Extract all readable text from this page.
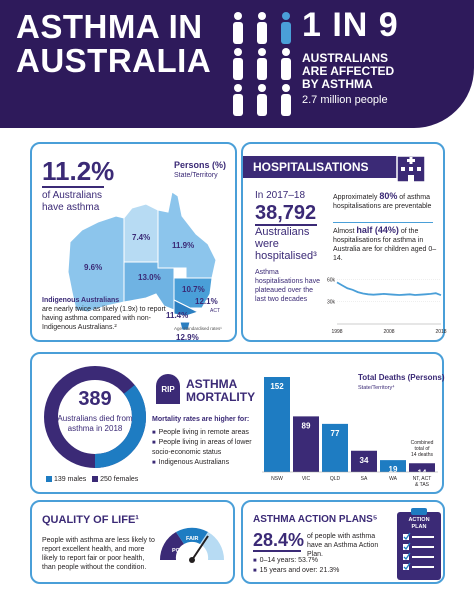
ASTHMA IN
AUSTRALIA
1 IN 9
AUSTRALIANS
ARE AFFECTED
BY ASTHMA
2.7 million people
11.2%
of Australians
have asthma
Persons (%)
State/Territory
9.6%
7.4%
11.9%
13.0%
10.7%
12.1%
ACT
11.4%
12.9%
Indigenous Australians
are nearly twice as likely (1.9x) to report having asthma compared with non-Indigenous Australians.²	Age standardised rates¹
HOSPITALISATIONS
In 2017–18
38,792
Australians
were
hospitalised³
Approximately 80% of asthma hospitalisations are preventable
Almost half (44%) of the hospitalisations for asthma in Australia are for children aged 0–14.
Asthma hospitalisations have plateaued over the last two decades
60k
30k
1998	2008	2018
389
Australians died from asthma in 2018
139 males 250 females
RIP ASTHMA
MORTALITY
Mortality rates are higher for:
■ People living in remote areas
■ People living in areas of lower socio-economic status
■ Indigenous Australians
Total Deaths (Persons)
State/Territory⁴
152
NSW
89
VIC
77
QLD
34
SA
19
WA
14
NT, ACT
& TAS
Combined total of 14 deaths
QUALITY OF LIFE¹
People with asthma are less likely to report excellent health, and more likely to report fair or poor health, than people without the condition.
POOR
FAIR
ASTHMA ACTION PLANS⁵
28.4% of people with asthma have an Asthma Action Plan.
■ 0–14 years: 53.7%
■ 15 years and over: 21.3%
ACTION
PLAN
